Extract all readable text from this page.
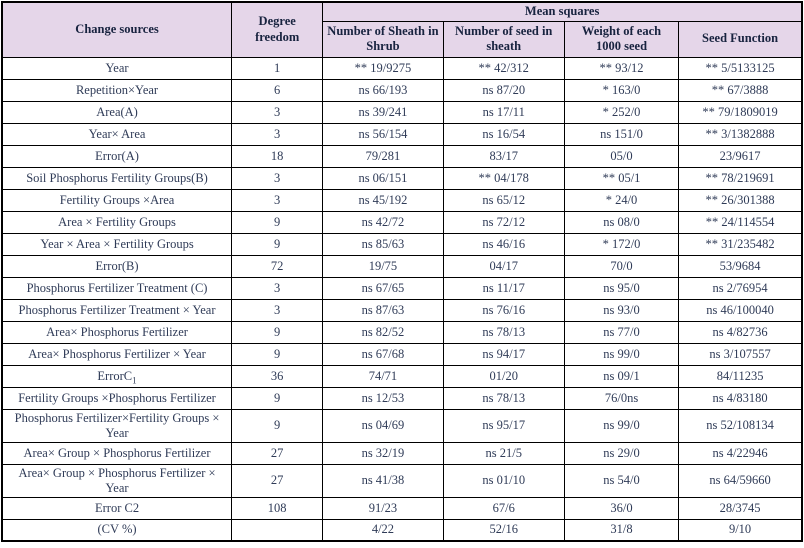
Change sources	Degree freedom	Mean squares			
		Number of Sheath in Shrub	Number of seed in sheath	Weight of each 1000 seed	Seed Function
Year	1	** 19/9275	** 42/312	** 93/12	** 5/5133125
Repetition×Year	6	ns 66/193	ns 87/20	* 163/0	** 67/3888
Area(A)	3	ns 39/241	ns 17/11	* 252/0	** 79/1809019
Year× Area	3	ns 56/154	ns 16/54	ns 151/0	** 3/1382888
Error(A)	18	79/281	83/17	05/0	23/9617
Soil Phosphorus Fertility Groups(B)	3	ns 06/151	** 04/178	** 05/1	** 78/219691
Fertility Groups ×Area	3	ns 45/192	ns 65/12	* 24/0	** 26/301388
Area × Fertility Groups	9	ns 42/72	ns 72/12	ns 08/0	** 24/114554
Year × Area × Fertility Groups	9	ns 85/63	ns 46/16	* 172/0	** 31/235482
Error(B)	72	19/75	04/17	70/0	53/9684
Phosphorus Fertilizer Treatment (C)	3	ns 67/65	ns 11/17	ns 95/0	ns 2/76954
Phosphorus Fertilizer Treatment × Year	3	ns 87/63	ns 76/16	ns 93/0	ns 46/100040
Area× Phosphorus Fertilizer	9	ns 82/52	ns 78/13	ns 77/0	ns 4/82736
Area× Phosphorus Fertilizer × Year	9	ns 67/68	ns 94/17	ns 99/0	ns 3/107557
ErrorC$_1$	36	74/71	01/20	ns 09/1	84/11235
Fertility Groups ×Phosphorus Fertilizer	9	ns 12/53	ns 78/13	76/0ns	ns 4/83180
Phosphorus Fertilizer×Fertility Groups × Year	9	ns 04/69	ns 95/17	ns 99/0	ns 52/108134
Area× Group × Phosphorus Fertilizer	27	ns 32/19	ns 21/5	ns 29/0	ns 4/22946
Area× Group × Phosphorus Fertilizer × Year	27	ns 41/38	ns 01/10	ns 54/0	ns 64/59660
Error C2	108	91/23	67/6	36/0	28/3745
(CV %)		4/22	52/16	31/8	9/10
